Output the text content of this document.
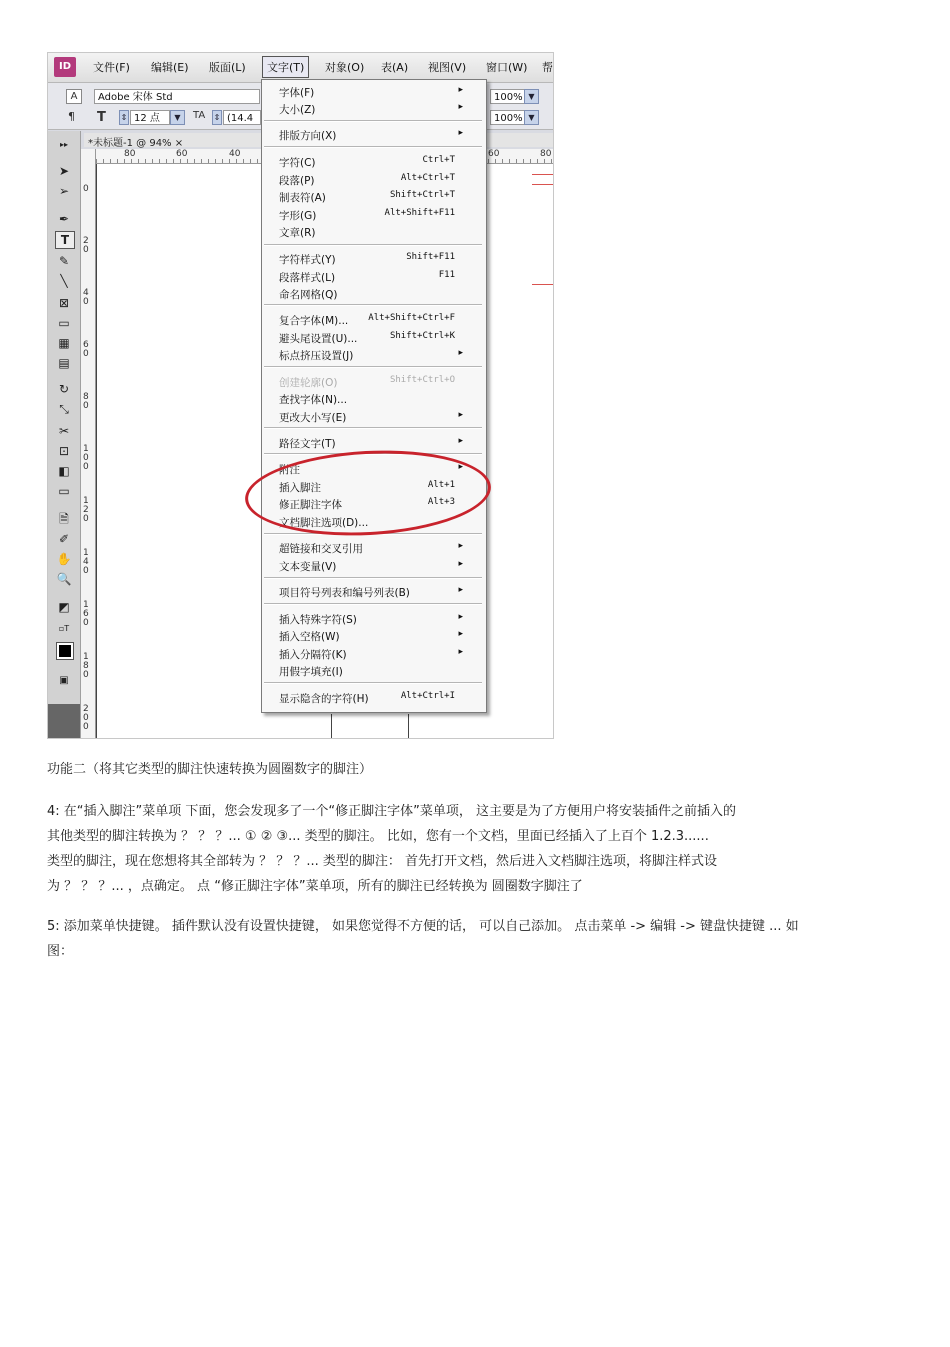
ID	文件(F) 编辑(E) 版面(L)	文字(T)	对象(O) 表(A) 视图(V) 窗口(W) 帮
A
¶
Adobe 宋体 Std
T ⇕ 12 点	▼	TA ⇕ (14.4
100% ▼
100% ▼
▸▸
➤
➢
✒
T
✎
╲
⊠
▭
▦
▤
↻
⤡
✂
⊡
◧
▭
🗎
✐
✋
🔍
◩
▫T
▣
*未标题-1 @ 94% ×
80	60	40	60	80
0
20
40
60
80
100
120
140
160
180
200
字体(F)	▸
大小(Z)	▸
排版方向(X)	▸
字符(C)	Ctrl+T
段落(P)	Alt+Ctrl+T
制表符(A)	Shift+Ctrl+T
字形(G)	Alt+Shift+F11
文章(R)
字符样式(Y)	Shift+F11
段落样式(L)	F11
命名网格(Q)
复合字体(M)... Alt+Shift+Ctrl+F
避头尾设置(U)...	Shift+Ctrl+K
标点挤压设置(J)	▸
创建轮廓(O)	Shift+Ctrl+O
查找字体(N)...
更改大小写(E)	▸
路径文字(T)	▸
附注	▸
插入脚注	Alt+1
修正脚注字体	Alt+3
文档脚注选项(D)...
超链接和交叉引用	▸
文本变量(V)	▸
项目符号列表和编号列表(B)	▸
插入特殊字符(S)	▸
插入空格(W)	▸
插入分隔符(K)	▸
用假字填充(I)
显示隐含的字符(H)	Alt+Ctrl+I
功能二（将其它类型的脚注快速转换为圆圈数字的脚注）
4: 在“插入脚注”菜单项 下面，您会发现多了一个“修正脚注字体”菜单项， 这主要是为了方便用户将安装插件之前插入的
其他类型的脚注转换为 ？ ？ ？... ① ② ③... 类型的脚注。 比如，您有一个文档，里面已经插入了上百个 1.2.3......
类型的脚注，现在您想将其全部转为 ？ ？ ？... 类型的脚注： 首先打开文档，然后进入文档脚注选项，将脚注样式设
为 ？ ？ ？... ，点确定。 点 “修正脚注字体”菜单项，所有的脚注已经转换为 圆圈数字脚注了
5: 添加菜单快捷键。 插件默认没有设置快捷键， 如果您觉得不方便的话， 可以自己添加。 点击菜单 -> 编辑 -> 键盘快捷键 ... 如
图：
